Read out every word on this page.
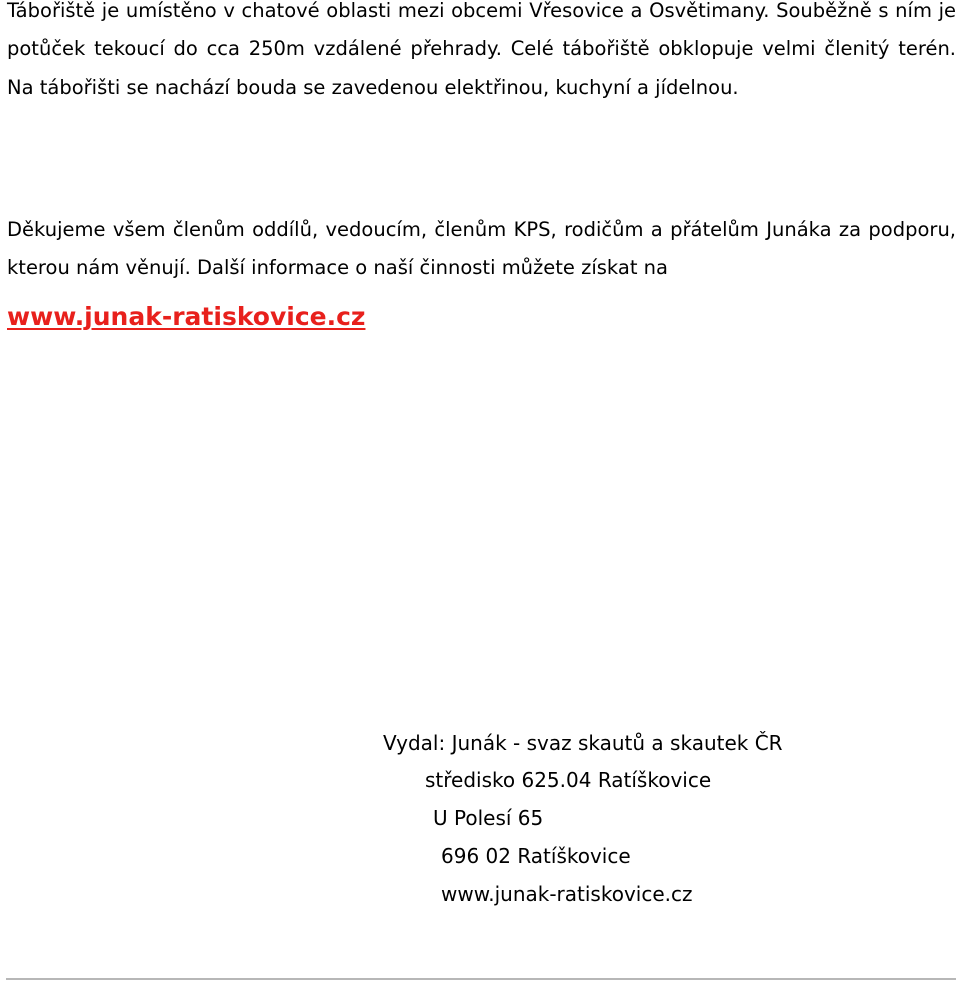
Tábořiště je umístěno v chatové oblasti mezi obcemi Vřesovice a Osvětimany. Souběžně s ním je potůček tekoucí do cca 250m vzdálené přehrady. Celé tábořiště obklopuje velmi členitý terén. Na tábořišti se nachází bouda se zavedenou elektřinou, kuchyní a jídelnou.

Děkujeme všem členům oddílů, vedoucím, členům KPS, rodičům a přátelům Junáka za podporu, kterou nám věnují. Další informace o naší činnosti můžete získat na

www.junak-ratiskovice.cz
Vydal: Junák - svaz skautů a skautek ČR
středisko 625.04 Ratíškovice
U Polesí 65
696 02 Ratíškovice
www.junak-ratiskovice.cz
